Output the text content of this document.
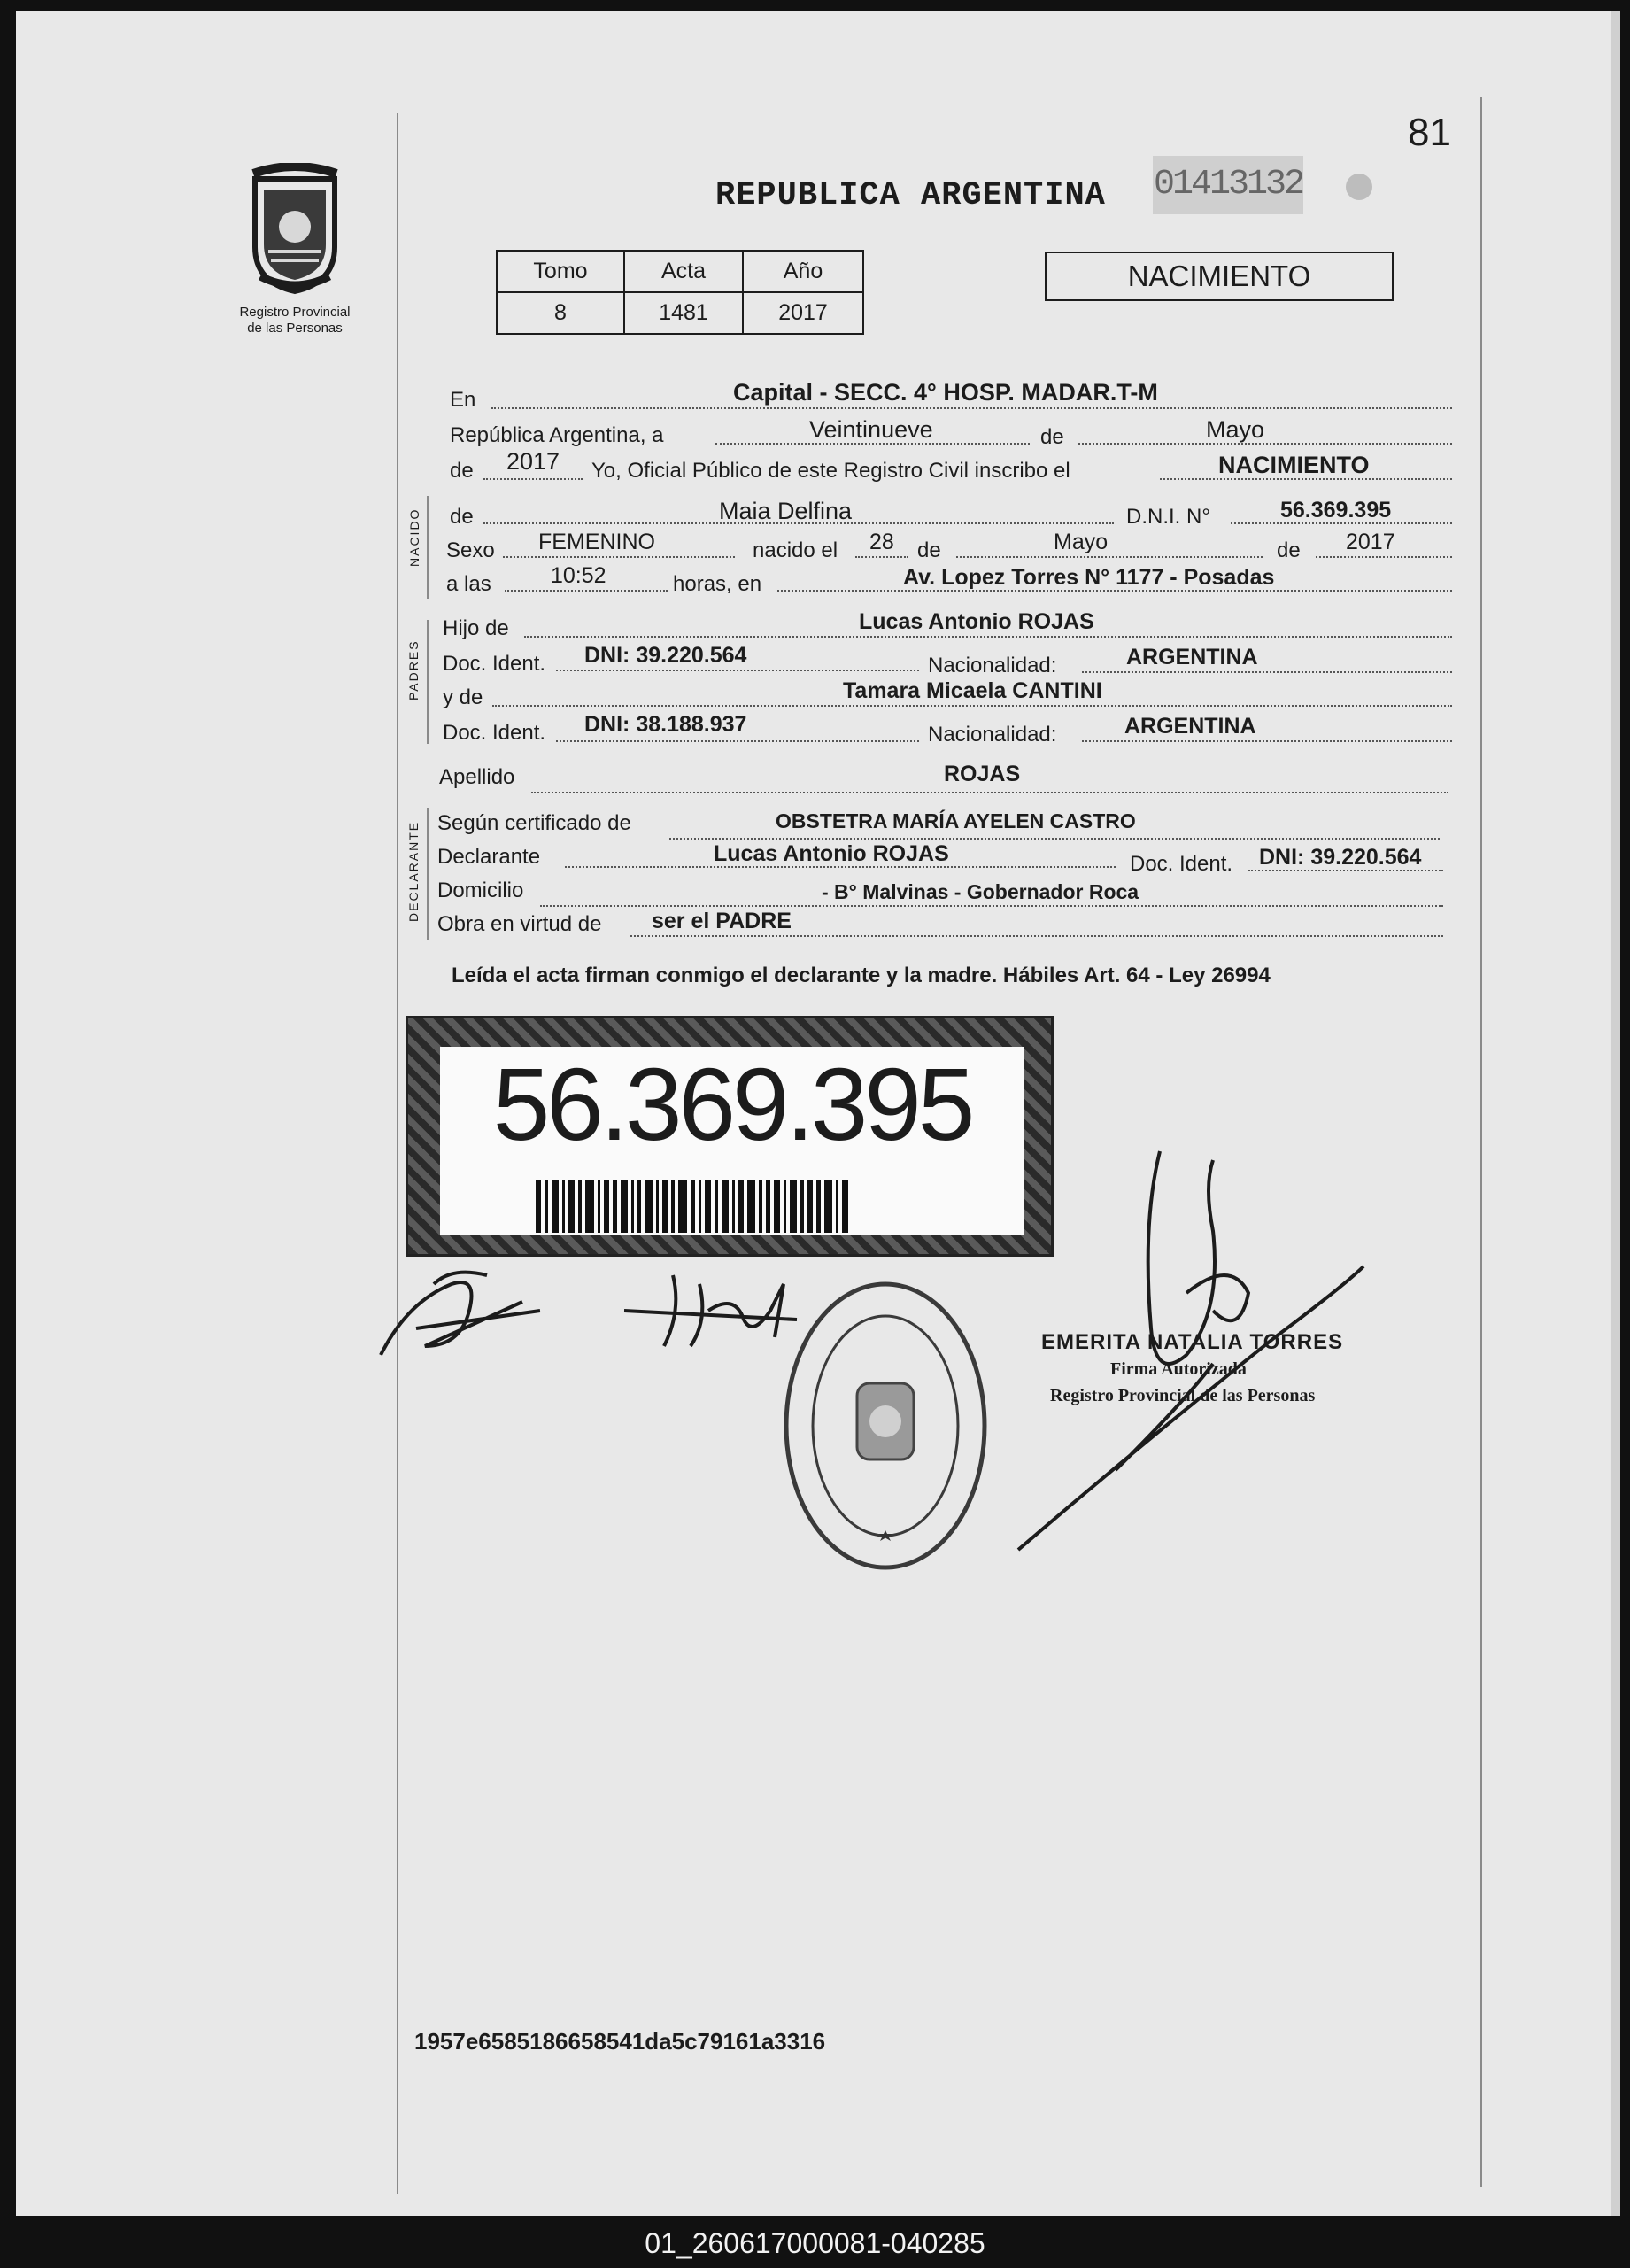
81
Registro Provincial
de las Personas
REPUBLICA ARGENTINA 01413132
Tomo	Acta	Año
8	1481	2017
NACIMIENTO
NACIDO
PADRES
DECLARANTE
En	Capital - SECC. 4° HOSP. MADAR.T-M
República Argentina, a	Veintinueve	de	Mayo
de 2017 Yo, Oficial Público de este Registro Civil inscribo el	NACIMIENTO
de	Maia Delfina	D.N.I. N°	56.369.395
Sexo FEMENINO	nacido el 28 de	Mayo	de 2017
a las	10:52	horas, en	Av. Lopez Torres N° 1177 - Posadas
Hijo de	Lucas Antonio ROJAS
Doc. Ident. DNI: 39.220.564	Nacionalidad:	ARGENTINA
y de	Tamara Micaela CANTINI
Doc. Ident. DNI: 38.188.937	Nacionalidad:	ARGENTINA
Apellido	ROJAS
Según certificado de	OBSTETRA MARÍA AYELEN CASTRO
Declarante	Lucas Antonio ROJAS	Doc. Ident. DNI: 39.220.564
Domicilio	- B° Malvinas - Gobernador Roca
Obra en virtud de ser el PADRE
Leída el acta firman conmigo el declarante y la madre. Hábiles Art. 64 - Ley 26994
56.369.395
EMERITA NATALIA TORRES
Firma Autorizada
Registro Provincial de las Personas
1957e6585186658541da5c79161a3316
01_260617000081-040285
